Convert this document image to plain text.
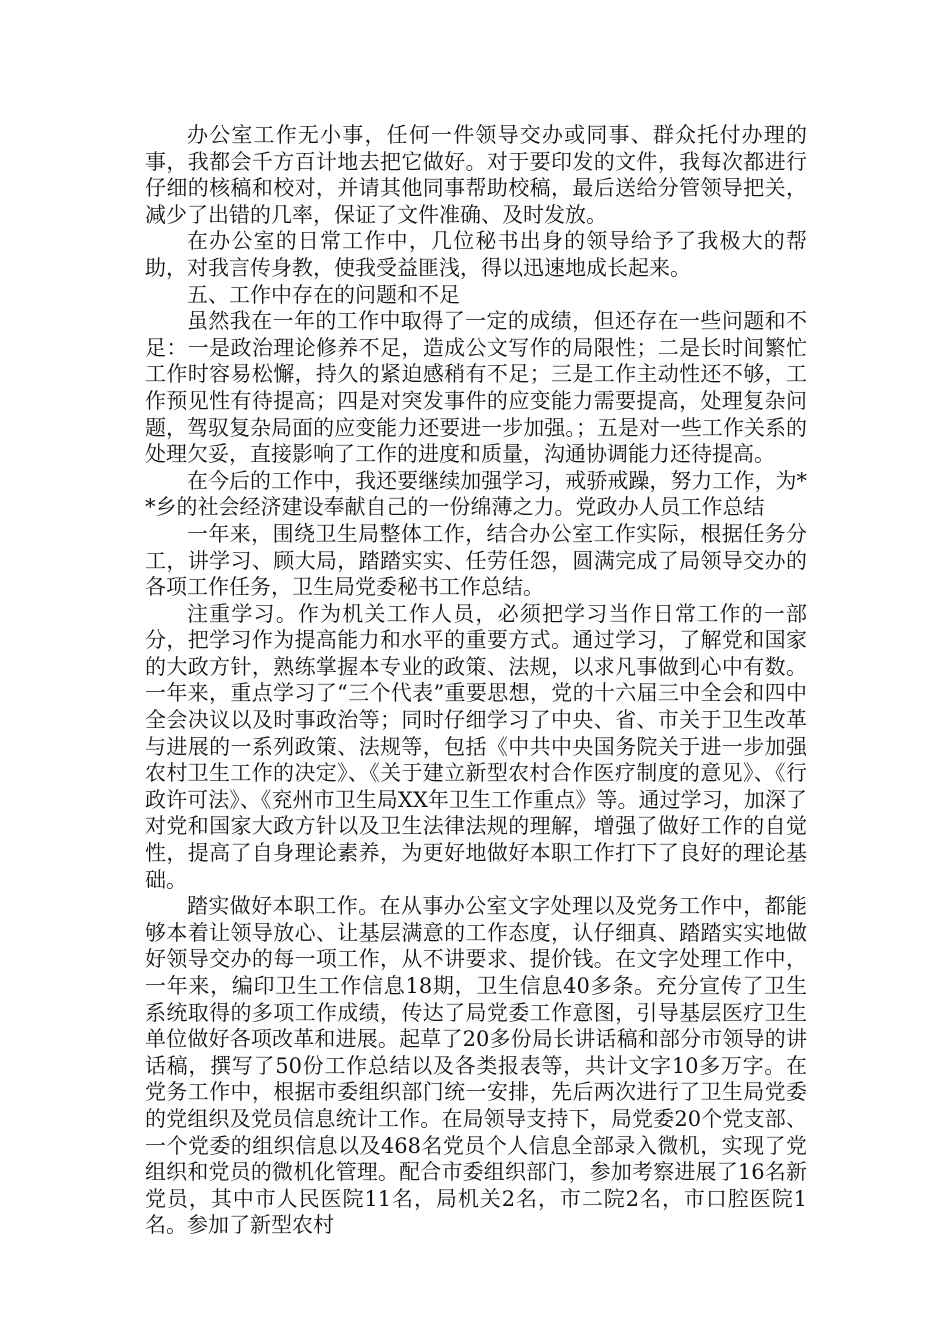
办公室工作无小事，任何一件领导交办或同事、群众托付办理的事，我都会千方百计地去把它做好。对于要印发的文件，我每次都进行仔细的核稿和校对，并请其他同事帮助校稿，最后送给分管领导把关，减少了出错的几率，保证了文件准确、及时发放。

在办公室的日常工作中，几位秘书出身的领导给予了我极大的帮助，对我言传身教，使我受益匪浅，得以迅速地成长起来。

五、工作中存在的问题和不足

虽然我在一年的工作中取得了一定的成绩，但还存在一些问题和不足：一是政治理论修养不足，造成公文写作的局限性；二是长时间繁忙工作时容易松懈，持久的紧迫感稍有不足；三是工作主动性还不够，工作预见性有待提高；四是对突发事件的应变能力需要提高，处理复杂问题，驾驭复杂局面的应变能力还要进一步加强。；五是对一些工作关系的处理欠妥，直接影响了工作的进度和质量，沟通协调能力还待提高。

在今后的工作中，我还要继续加强学习，戒骄戒躁，努力工作，为**乡的社会经济建设奉献自己的一份绵薄之力。党政办人员工作总结

一年来，围绕卫生局整体工作，结合办公室工作实际，根据任务分工，讲学习、顾大局，踏踏实实、任劳任怨，圆满完成了局领导交办的各项工作任务，卫生局党委秘书工作总结。

注重学习。作为机关工作人员，必须把学习当作日常工作的一部分，把学习作为提高能力和水平的重要方式。通过学习，了解党和国家的大政方针，熟练掌握本专业的政策、法规，以求凡事做到心中有数。一年来，重点学习了“三个代表”重要思想，党的十六届三中全会和四中全会决议以及时事政治等；同时仔细学习了中央、省、市关于卫生改革与进展的一系列政策、法规等，包括《中共中央国务院关于进一步加强农村卫生工作的决定》、《关于建立新型农村合作医疗制度的意见》、《行政许可法》、《兖州市卫生局XX年卫生工作重点》等。通过学习，加深了对党和国家大政方针以及卫生法律法规的理解，增强了做好工作的自觉性，提高了自身理论素养，为更好地做好本职工作打下了良好的理论基础。

踏实做好本职工作。在从事办公室文字处理以及党务工作中，都能够本着让领导放心、让基层满意的工作态度，认仔细真、踏踏实实地做好领导交办的每一项工作，从不讲要求、提价钱。在文字处理工作中，一年来，编印卫生工作信息18期，卫生信息40多条。充分宣传了卫生系统取得的多项工作成绩，传达了局党委工作意图，引导基层医疗卫生单位做好各项改革和进展。起草了20多份局长讲话稿和部分市领导的讲话稿，撰写了50份工作总结以及各类报表等，共计文字10多万字。在党务工作中，根据市委组织部门统一安排，先后两次进行了卫生局党委的党组织及党员信息统计工作。在局领导支持下，局党委20个党支部、一个党委的组织信息以及468名党员个人信息全部录入微机，实现了党组织和党员的微机化管理。配合市委组织部门，参加考察进展了16名新党员，其中市人民医院11名，局机关2名，市二院2名，市口腔医院1名。参加了新型农村
